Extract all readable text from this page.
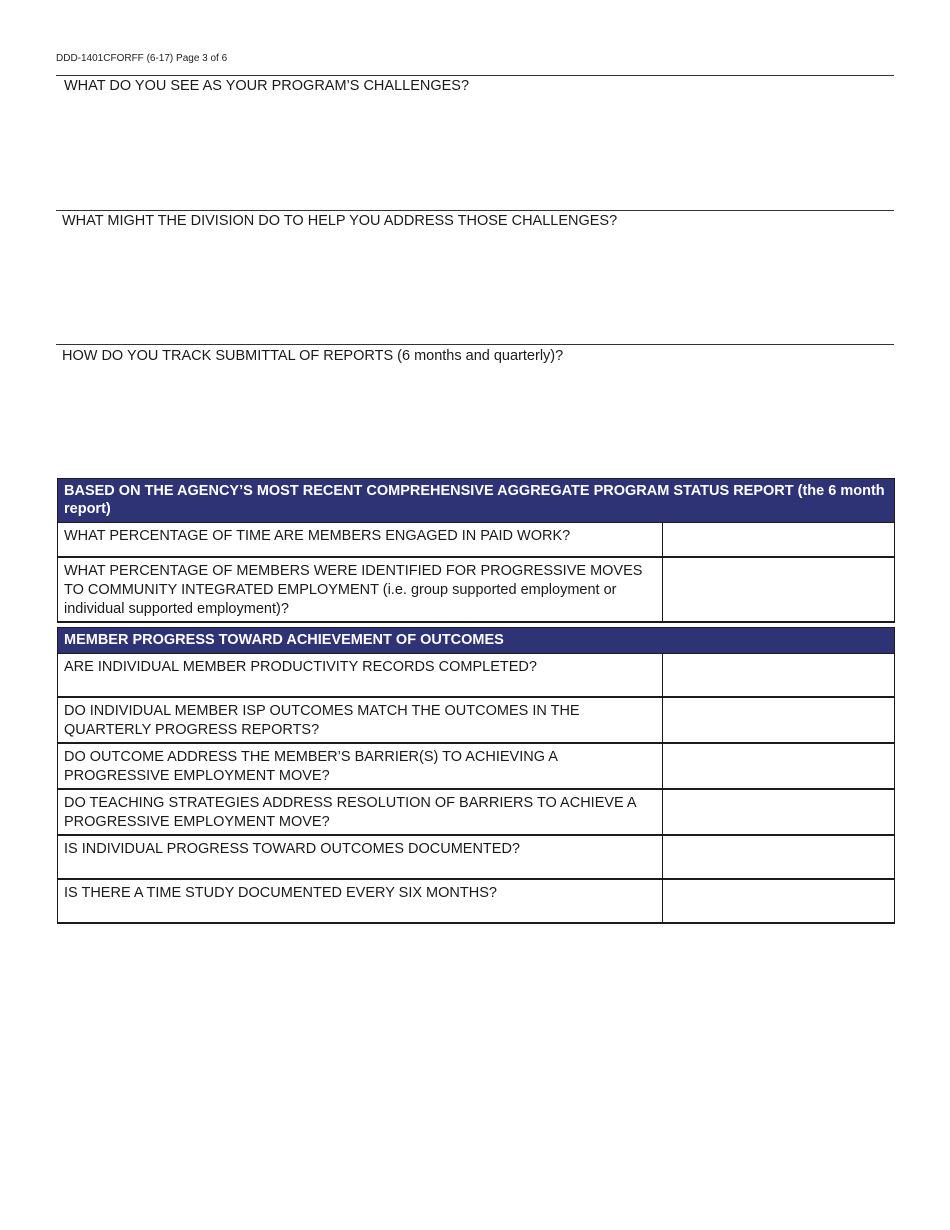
DDD-1401CFORFF (6-17) Page 3 of 6
WHAT DO YOU SEE AS YOUR PROGRAM’S CHALLENGES?
WHAT MIGHT THE DIVISION DO TO HELP YOU ADDRESS THOSE CHALLENGES?
HOW DO YOU TRACK SUBMITTAL OF REPORTS (6 months and quarterly)?
BASED ON THE AGENCY’S MOST RECENT COMPREHENSIVE AGGREGATE PROGRAM STATUS REPORT (the 6 month report)	
WHAT PERCENTAGE OF TIME ARE MEMBERS ENGAGED IN PAID WORK?	
WHAT PERCENTAGE OF MEMBERS WERE IDENTIFIED FOR PROGRESSIVE MOVES TO COMMUNITY INTEGRATED EMPLOYMENT (i.e. group supported employment or individual supported employment)?	
MEMBER PROGRESS TOWARD ACHIEVEMENT OF OUTCOMES	
ARE INDIVIDUAL MEMBER PRODUCTIVITY RECORDS COMPLETED?	
DO INDIVIDUAL MEMBER ISP OUTCOMES MATCH THE OUTCOMES IN THE QUARTERLY PROGRESS REPORTS?	
DO OUTCOME ADDRESS THE MEMBER’S BARRIER(S) TO ACHIEVING A PROGRESSIVE EMPLOYMENT MOVE?	
DO TEACHING STRATEGIES ADDRESS RESOLUTION OF BARRIERS TO ACHIEVE A PROGRESSIVE EMPLOYMENT MOVE?	
IS INDIVIDUAL PROGRESS TOWARD OUTCOMES DOCUMENTED?	
IS THERE A TIME STUDY DOCUMENTED EVERY SIX MONTHS?	
